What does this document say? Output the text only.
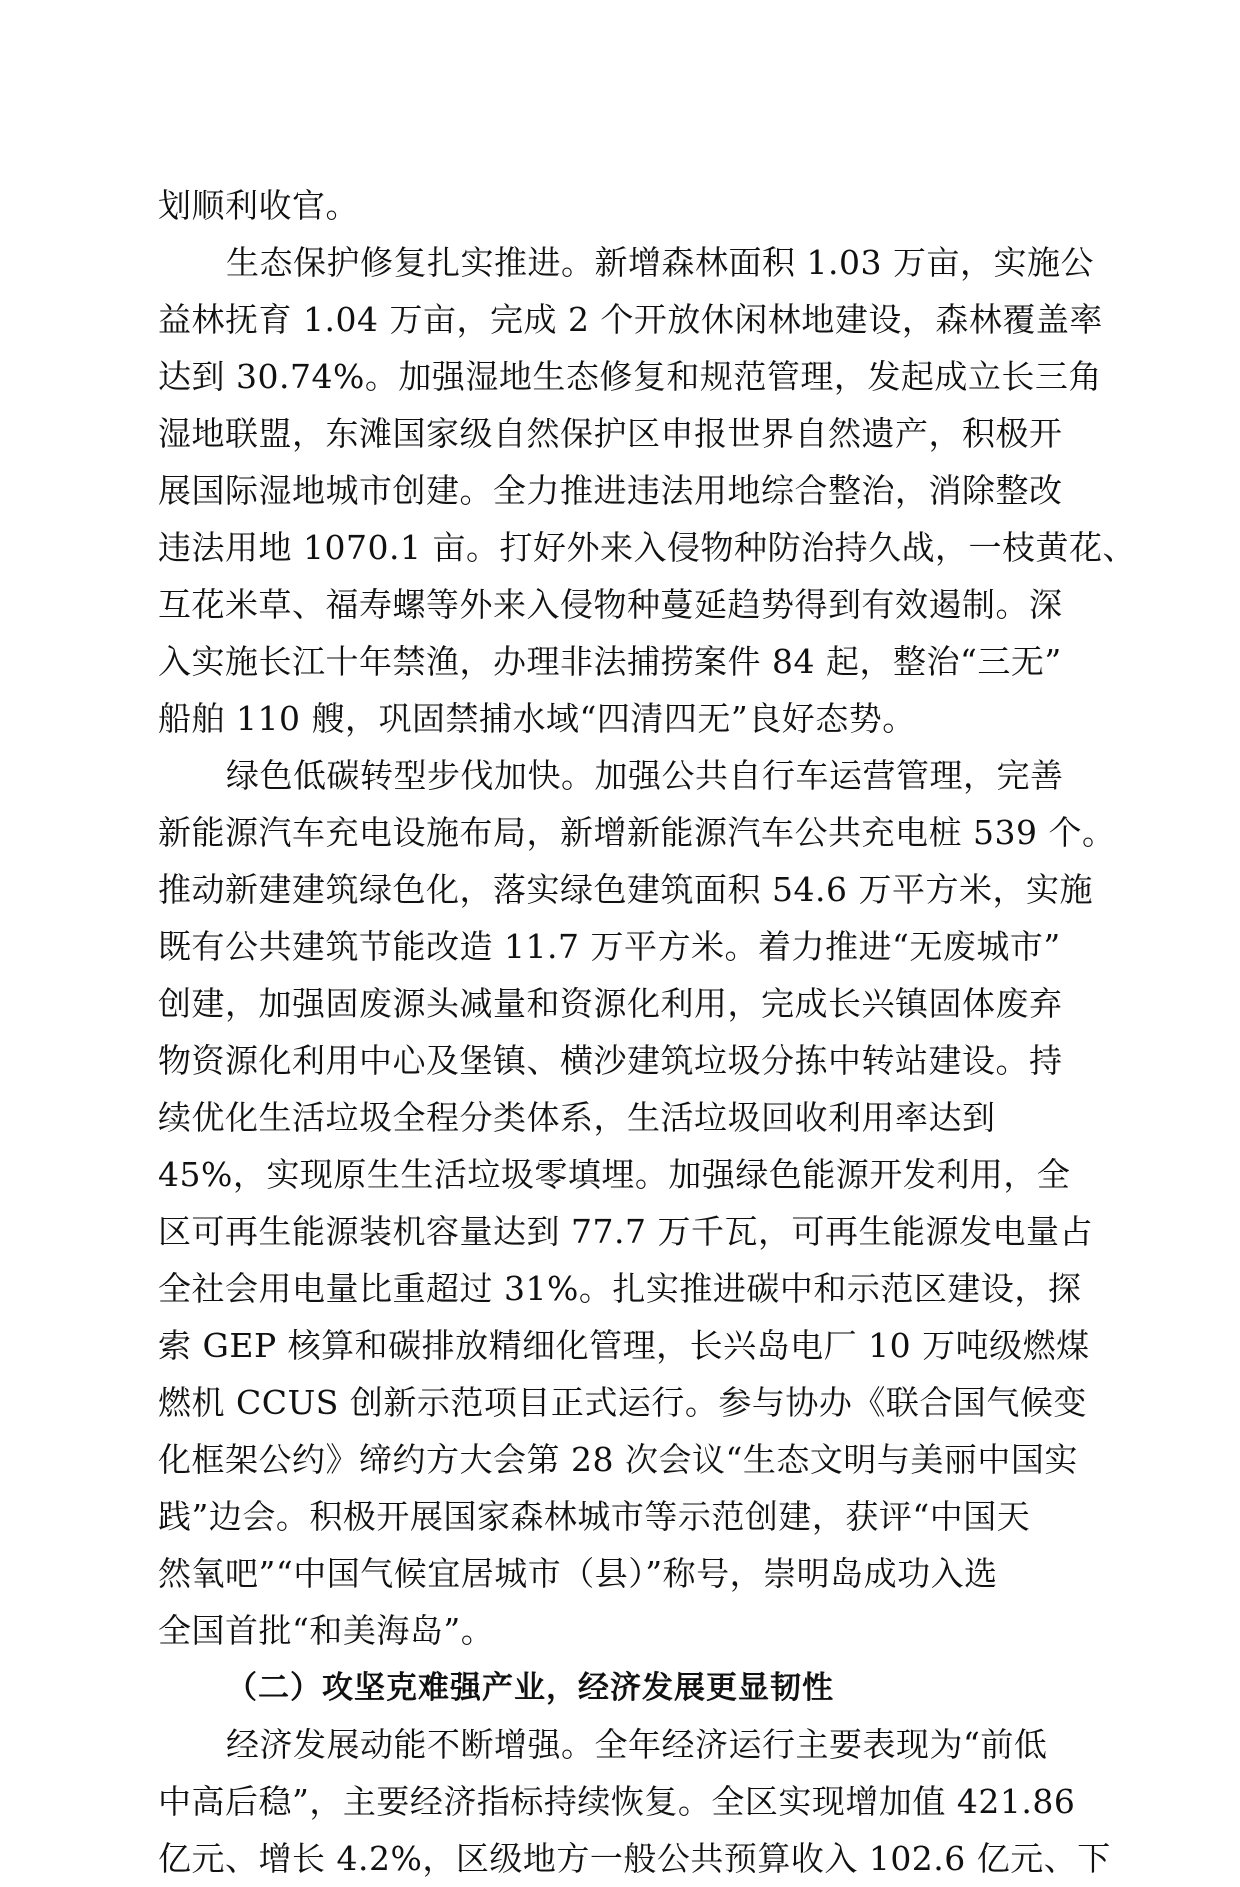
划顺利收官。
生态保护修复扎实推进。新增森林面积 1.03 万亩，实施公
益林抚育 1.04 万亩，完成 2 个开放休闲林地建设，森林覆盖率
达到 30.74%。加强湿地生态修复和规范管理，发起成立长三角
湿地联盟，东滩国家级自然保护区申报世界自然遗产，积极开
展国际湿地城市创建。全力推进违法用地综合整治，消除整改
违法用地 1070.1 亩。打好外来入侵物种防治持久战，一枝黄花、
互花米草、福寿螺等外来入侵物种蔓延趋势得到有效遏制。深
入实施长江十年禁渔，办理非法捕捞案件 84 起，整治“三无”
船舶 110 艘，巩固禁捕水域“四清四无”良好态势。
绿色低碳转型步伐加快。加强公共自行车运营管理，完善
新能源汽车充电设施布局，新增新能源汽车公共充电桩 539 个。
推动新建建筑绿色化，落实绿色建筑面积 54.6 万平方米，实施
既有公共建筑节能改造 11.7 万平方米。着力推进“无废城市”
创建，加强固废源头减量和资源化利用，完成长兴镇固体废弃
物资源化利用中心及堡镇、横沙建筑垃圾分拣中转站建设。持
续优化生活垃圾全程分类体系，生活垃圾回收利用率达到
45%，实现原生生活垃圾零填埋。加强绿色能源开发利用，全
区可再生能源装机容量达到 77.7 万千瓦，可再生能源发电量占
全社会用电量比重超过 31%。扎实推进碳中和示范区建设，探
索 GEP 核算和碳排放精细化管理，长兴岛电厂 10 万吨级燃煤
燃机 CCUS 创新示范项目正式运行。参与协办《联合国气候变
化框架公约》缔约方大会第 28 次会议“生态文明与美丽中国实
践”边会。积极开展国家森林城市等示范创建，获评“中国天
然氧吧”“中国气候宜居城市（县）”称号，崇明岛成功入选
全国首批“和美海岛”。
（二）攻坚克难强产业，经济发展更显韧性
经济发展动能不断增强。全年经济运行主要表现为“前低
中高后稳”，主要经济指标持续恢复。全区实现增加值 421.86
亿元、增长 4.2%，区级地方一般公共预算收入 102.6 亿元、下
